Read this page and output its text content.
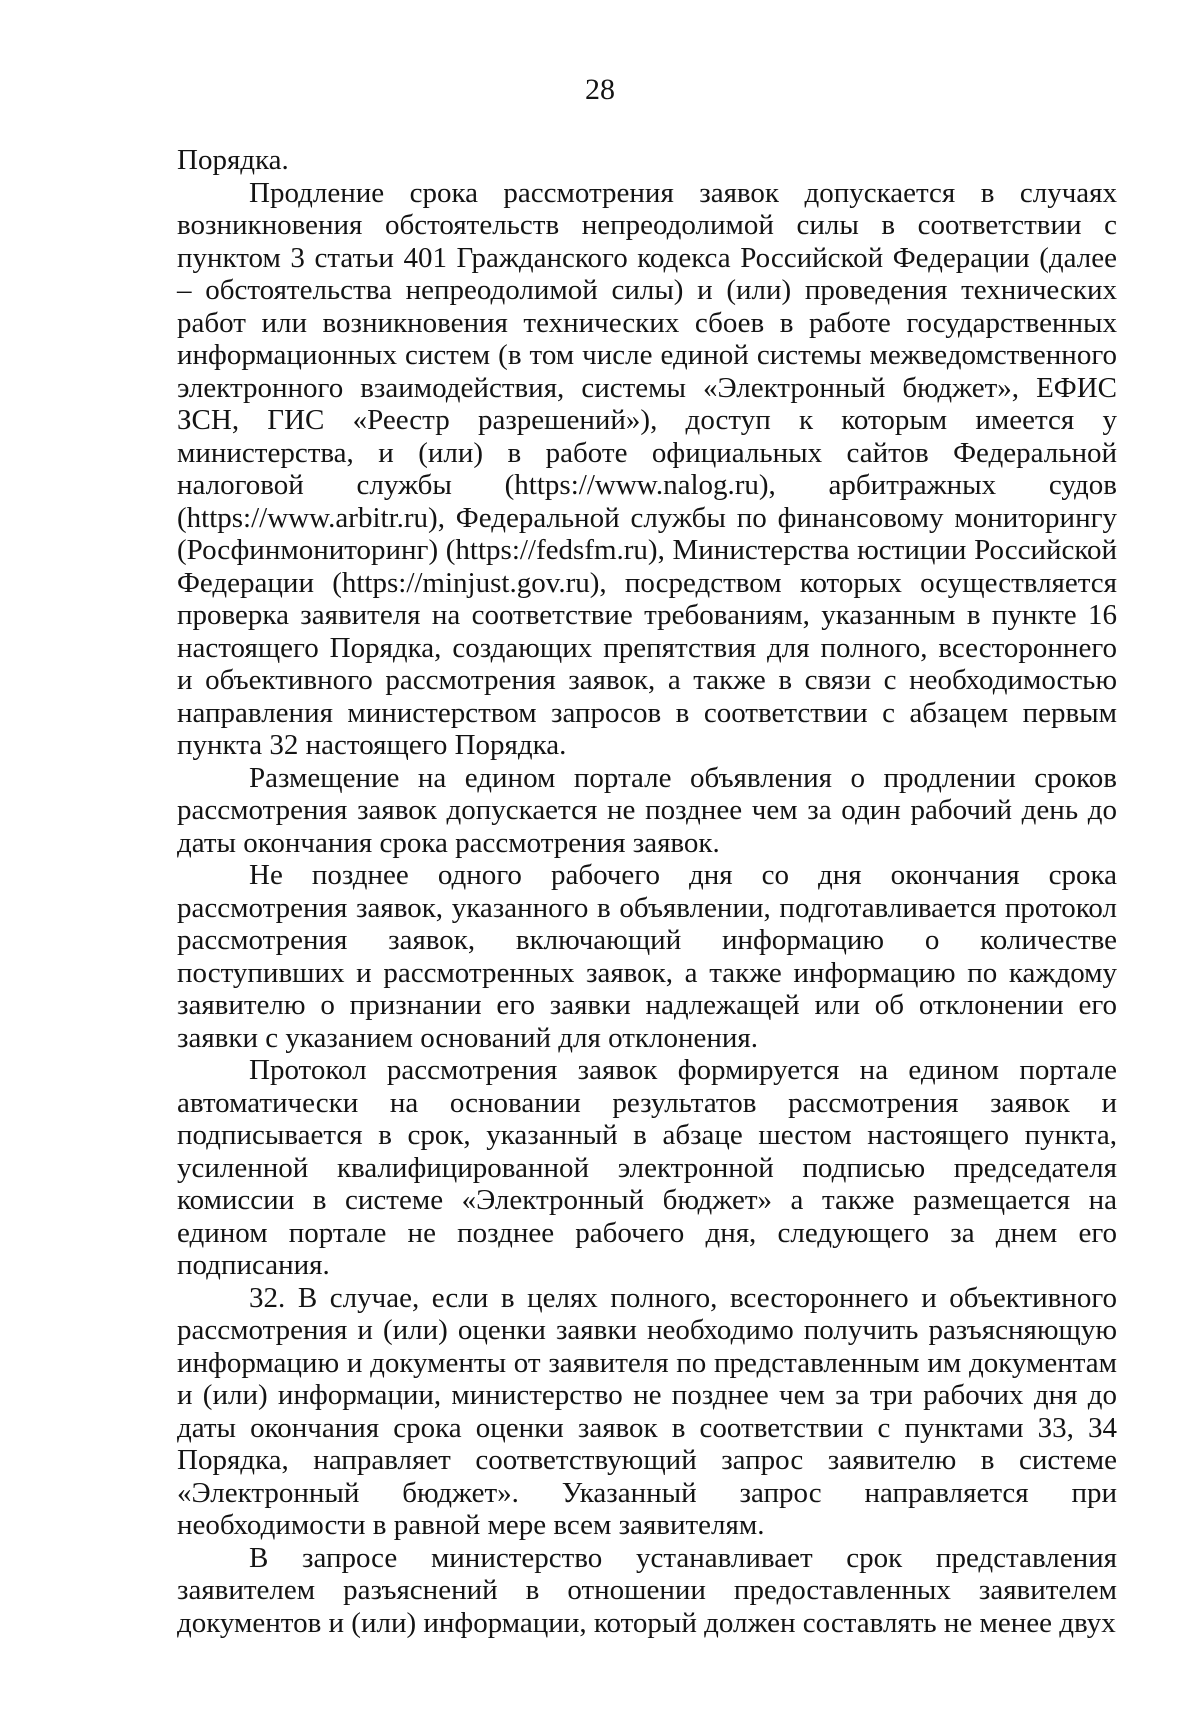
28

Порядка.

Продление срока рассмотрения заявок допускается в случаях возникновения обстоятельств непреодолимой силы в соответствии с пунктом 3 статьи 401 Гражданского кодекса Российской Федерации (далее – обстоятельства непреодолимой силы) и (или) проведения технических работ или возникновения технических сбоев в работе государственных информационных систем (в том числе единой системы межведомственного электронного взаимодействия, системы «Электронный бюджет», ЕФИС ЗСН, ГИС «Реестр разрешений»), доступ к которым имеется у министерства, и (или) в работе официальных сайтов Федеральной налоговой службы (https://www.nalog.ru), арбитражных судов (https://www.arbitr.ru), Федеральной службы по финансовому мониторингу (Росфинмониторинг) (https://fedsfm.ru), Министерства юстиции Российской Федерации (https://minjust.gov.ru), посредством которых осуществляется проверка заявителя на соответствие требованиям, указанным в пункте 16 настоящего Порядка, создающих препятствия для полного, всестороннего и объективного рассмотрения заявок, а также в связи с необходимостью направления министерством запросов в соответствии с абзацем первым пункта 32 настоящего Порядка.

Размещение на едином портале объявления о продлении сроков рассмотрения заявок допускается не позднее чем за один рабочий день до даты окончания срока рассмотрения заявок.

Не позднее одного рабочего дня со дня окончания срока рассмотрения заявок, указанного в объявлении, подготавливается протокол рассмотрения заявок, включающий информацию о количестве поступивших и рассмотренных заявок, а также информацию по каждому заявителю о признании его заявки надлежащей или об отклонении его заявки с указанием оснований для отклонения.

Протокол рассмотрения заявок формируется на едином портале автоматически на основании результатов рассмотрения заявок и подписывается в срок, указанный в абзаце шестом настоящего пункта, усиленной квалифицированной электронной подписью председателя комиссии в системе «Электронный бюджет» а также размещается на едином портале не позднее рабочего дня, следующего за днем его подписания.

32. В случае, если в целях полного, всестороннего и объективного рассмотрения и (или) оценки заявки необходимо получить разъясняющую информацию и документы от заявителя по представленным им документам и (или) информации, министерство не позднее чем за три рабочих дня до даты окончания срока оценки заявок в соответствии с пунктами 33, 34 Порядка, направляет соответствующий запрос заявителю в системе «Электронный бюджет». Указанный запрос направляется при необходимости в равной мере всем заявителям.

В запросе министерство устанавливает срок представления заявителем разъяснений в отношении предоставленных заявителем документов и (или) информации, который должен составлять не менее двух
